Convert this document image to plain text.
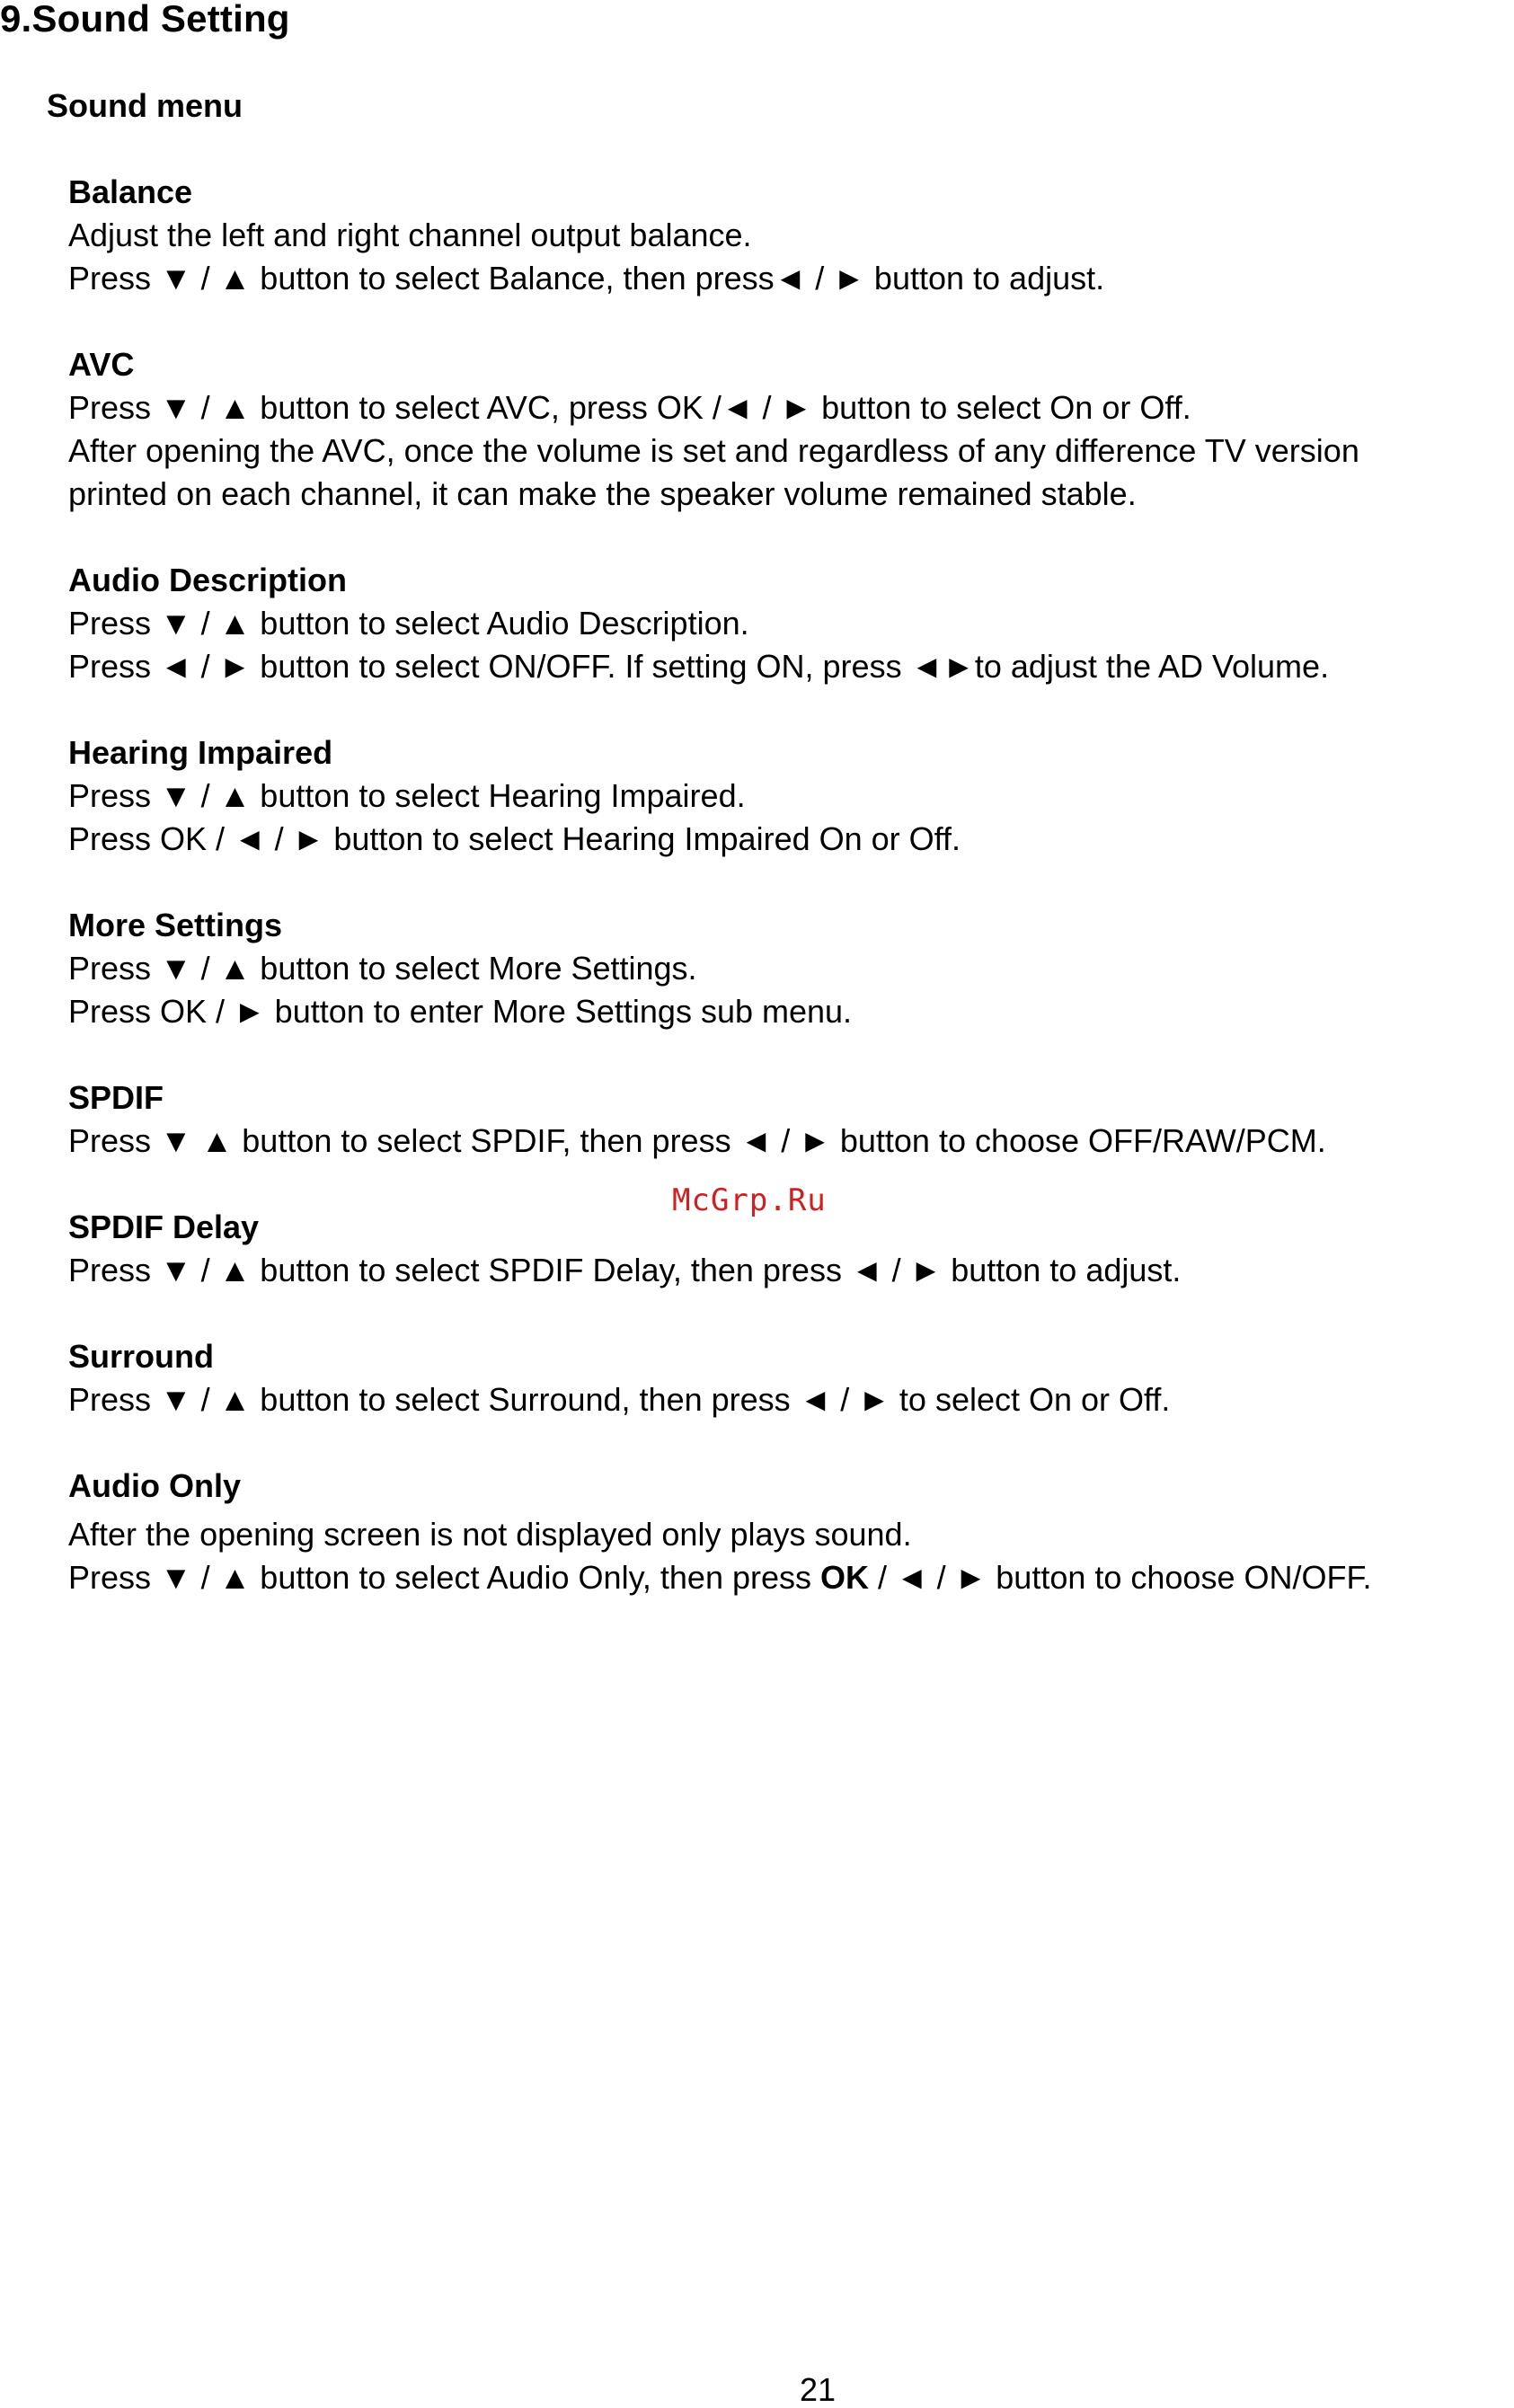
9.Sound Setting
Sound menu

Balance

Adjust the left and right channel output balance.

Press ▼ / ▲ button to select Balance, then press◄ / ► button to adjust.

AVC

Press ▼ / ▲ button to select AVC, press OK /◄ / ► button to select On or Off.

After opening the AVC, once the volume is set and regardless of any difference TV version

printed on each channel, it can make the speaker volume remained stable.

Audio Description

Press ▼ / ▲ button to select Audio Description.

Press ◄ / ► button to select ON/OFF. If setting ON, press ◄►to adjust the AD Volume.

Hearing Impaired

Press ▼ / ▲ button to select Hearing Impaired.

Press OK / ◄ / ► button to select Hearing Impaired On or Off.

More Settings

Press ▼ / ▲ button to select More Settings.

Press OK / ► button to enter More Settings sub menu.

SPDIF

Press ▼ ▲ button to select SPDIF, then press ◄ / ► button to choose OFF/RAW/PCM.

SPDIF Delay

Press ▼ / ▲ button to select SPDIF Delay, then press ◄ / ► button to adjust.

Surround

Press ▼ / ▲ button to select Surround, then press ◄ / ► to select On or Off.

Audio Only

After the opening screen is not displayed only plays sound.

Press ▼ / ▲ button to select Audio Only, then press OK / ◄ / ► button to choose ON/OFF.

McGrp.Ru
21
